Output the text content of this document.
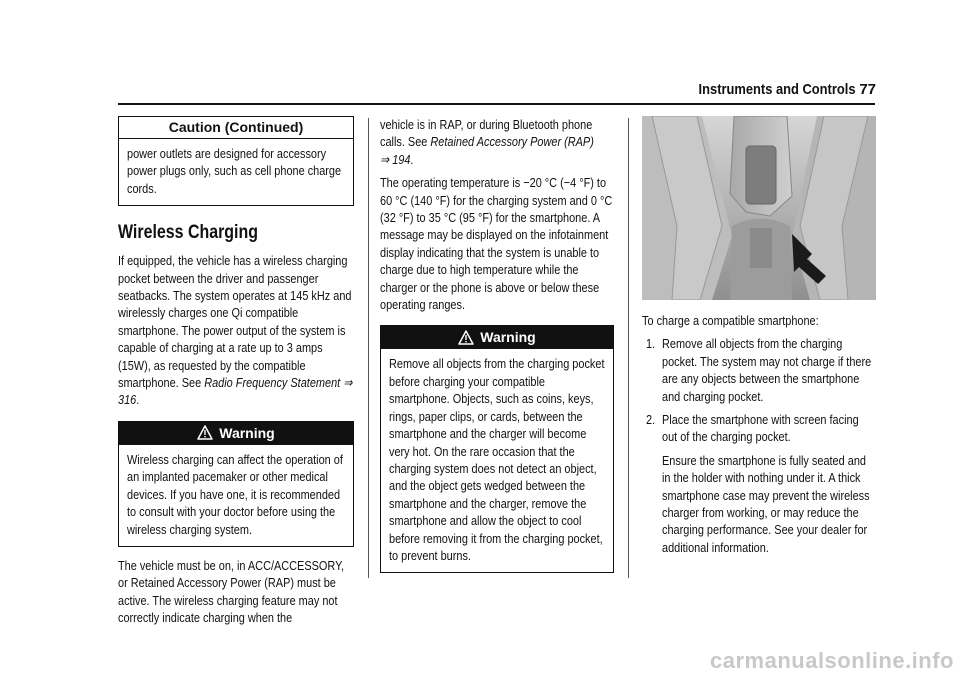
Instruments and Controls 77
Caution (Continued)

power outlets are designed for accessory power plugs only, such as cell phone charge cords.

Wireless Charging

If equipped, the vehicle has a wireless charging pocket between the driver and passenger seatbacks. The system operates at 145 kHz and wirelessly charges one Qi compatible smartphone. The power output of the system is capable of charging at a rate up to 3 amps (15W), as requested by the compatible smartphone. See Radio Frequency Statement ⇒ 316.

Warning

Wireless charging can affect the operation of an implanted pacemaker or other medical devices. If you have one, it is recommended to consult with your doctor before using the wireless charging system.

The vehicle must be on, in ACC/ACCESSORY, or Retained Accessory Power (RAP) must be active. The wireless charging feature may not correctly indicate charging when the

vehicle is in RAP, or during Bluetooth phone calls. See Retained Accessory Power (RAP)
⇒ 194.

The operating temperature is −20 °C (−4 °F) to 60 °C (140 °F) for the charging system and 0 °C (32 °F) to 35 °C (95 °F) for the smartphone. A message may be displayed on the infotainment display indicating that the system is unable to charge due to high temperature while the charger or the phone is above or below these operating ranges.

Warning

Remove all objects from the charging pocket before charging your compatible smartphone. Objects, such as coins, keys, rings, paper clips, or cards, between the smartphone and the charger will become very hot. On the rare occasion that the charging system does not detect an object, and the object gets wedged between the smartphone and the charger, remove the smartphone and allow the object to cool before removing it from the charging pocket, to prevent burns.

To charge a compatible smartphone:

1. Remove all objects from the charging pocket. The system may not charge if there are any objects between the smartphone and charging pocket.

2. Place the smartphone with screen facing out of the charging pocket.

Ensure the smartphone is fully seated and in the holder with nothing under it. A thick smartphone case may prevent the wireless charger from working, or may reduce the charging performance. See your dealer for additional information.

carmanualsonline.info
